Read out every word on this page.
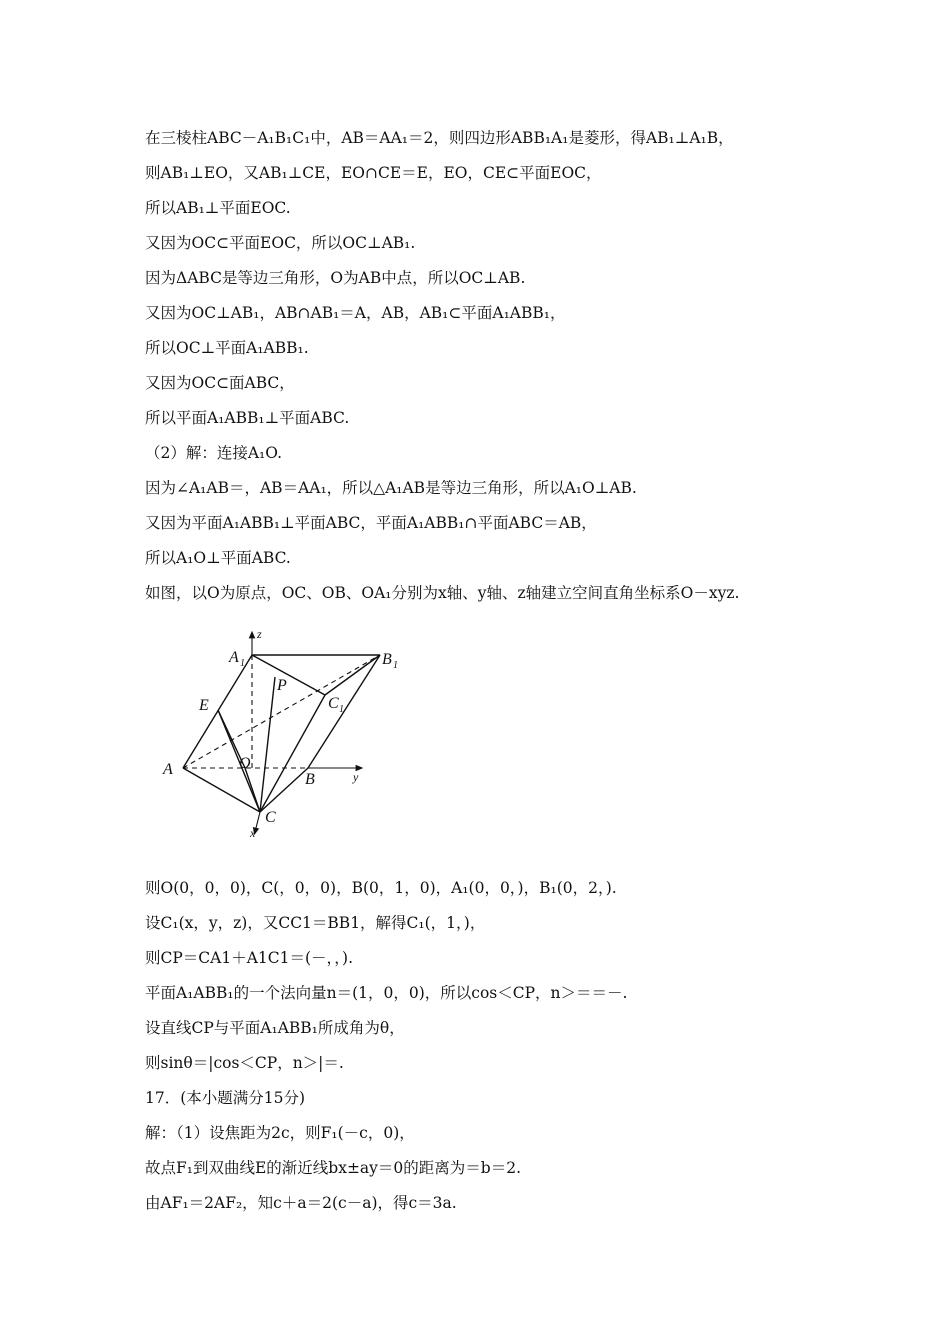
在三棱柱ABC－A₁B₁C₁中，AB＝AA₁＝2，则四边形ABB₁A₁是菱形，得AB₁⊥A₁B，
则AB₁⊥EO，又AB₁⊥CE，EO∩CE＝E，EO，CE⊂平面EOC，
所以AB₁⊥平面EOC.
又因为OC⊂平面EOC，所以OC⊥AB₁.
因为ΔABC是等边三角形，O为AB中点，所以OC⊥AB.
又因为OC⊥AB₁，AB∩AB₁＝A，AB，AB₁⊂平面A₁ABB₁，
所以OC⊥平面A₁ABB₁.
又因为OC⊂面ABC，
所以平面A₁ABB₁⊥平面ABC.
（2）解：连接A₁O.
因为∠A₁AB＝，AB＝AA₁，所以△A₁AB是等边三角形，所以A₁O⊥AB.
又因为平面A₁ABB₁⊥平面ABC，平面A₁ABB₁∩平面ABC＝AB，
所以A₁O⊥平面ABC.
如图，以O为原点，OC、OB、OA₁分别为x轴、y轴、z轴建立空间直角坐标系O－xyz.
z
y
x
A 1	B 1
C 1
P
E
A	O
B
C
则O(0，0，0)，C(，0，0)，B(0，1，0)，A₁(0，0，)，B₁(0，2，).
设C₁(x，y，z)，又CC1＝BB1，解得C₁(，1，)，
则CP＝CA1＋A1C1＝(－，，).
平面A₁ABB₁的一个法向量n＝(1，0，0)，所以cos＜CP，n＞＝＝－.
设直线CP与平面A₁ABB₁所成角为θ，
则sinθ＝|cos＜CP，n＞|＝.
17．(本小题满分15分)
解：（1）设焦距为2c，则F₁(－c，0)，
故点F₁到双曲线E的渐近线bx±ay＝0的距离为＝b＝2.
由AF₁＝2AF₂，知c＋a＝2(c－a)，得c＝3a.
